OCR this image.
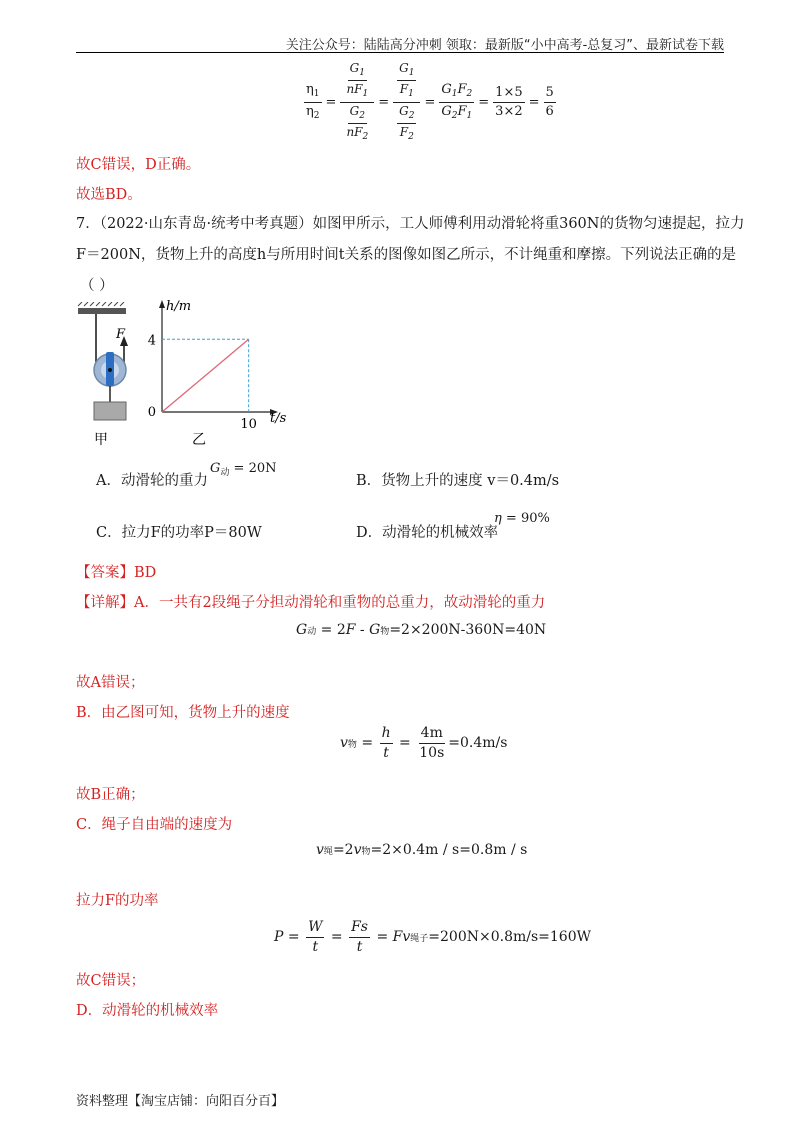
关注公众号：陆陆高分冲刺 领取：最新版“小中高考-总复习”、最新试卷下载
$\frac{\eta_1}{\eta_2} = \frac{\frac{G_1}{nF_1}}{\frac{G_2}{nF_2}} = \frac{\frac{G_1}{F_1}}{\frac{G_2}{F_2}} = \frac{G_1F_2}{G_2F_1} = \frac{1\times 5}{3\times 2} = \frac{5}{6}$
故C错误，D正确。
故选BD。
7．（2022·山东青岛·统考中考真题）如图甲所示，工人师傅利用动滑轮将重360N的货物匀速提起，拉力
F＝200N，货物上升的高度h与所用时间t关系的图像如图乙所示，不计绳重和摩擦。下列说法正确的是
（ ）
F
甲
h/m
t/s
4
10
0
乙
A．动滑轮的重力
$G_动 = 20N$
B．货物上升的速度 v＝0.4m/s
C．拉力F的功率P＝80W	D．动滑轮的机械效率
η = 90%
【答案】BD
【详解】A．一共有2段绳子分担动滑轮和重物的总重力，故动滑轮的重力
G 动 = 2 F - G 物 =2×200N-360N=40N
故A错误；
B．由乙图可知，货物上升的速度
v 物 = $\frac{h}{t} = \frac{4m}{10s} =0.4m/s$
故B正确；
C．绳子自由端的速度为
v 绳 =2 v 物 =2×0.4m / s=0.8m / s
拉力F的功率
$P = \frac{W}{t} = \frac{Fs}{t} = Fv$ 绳子 =200N×0.8m/s=160W
故C错误；
D．动滑轮的机械效率
资料整理【淘宝店铺：向阳百分百】
